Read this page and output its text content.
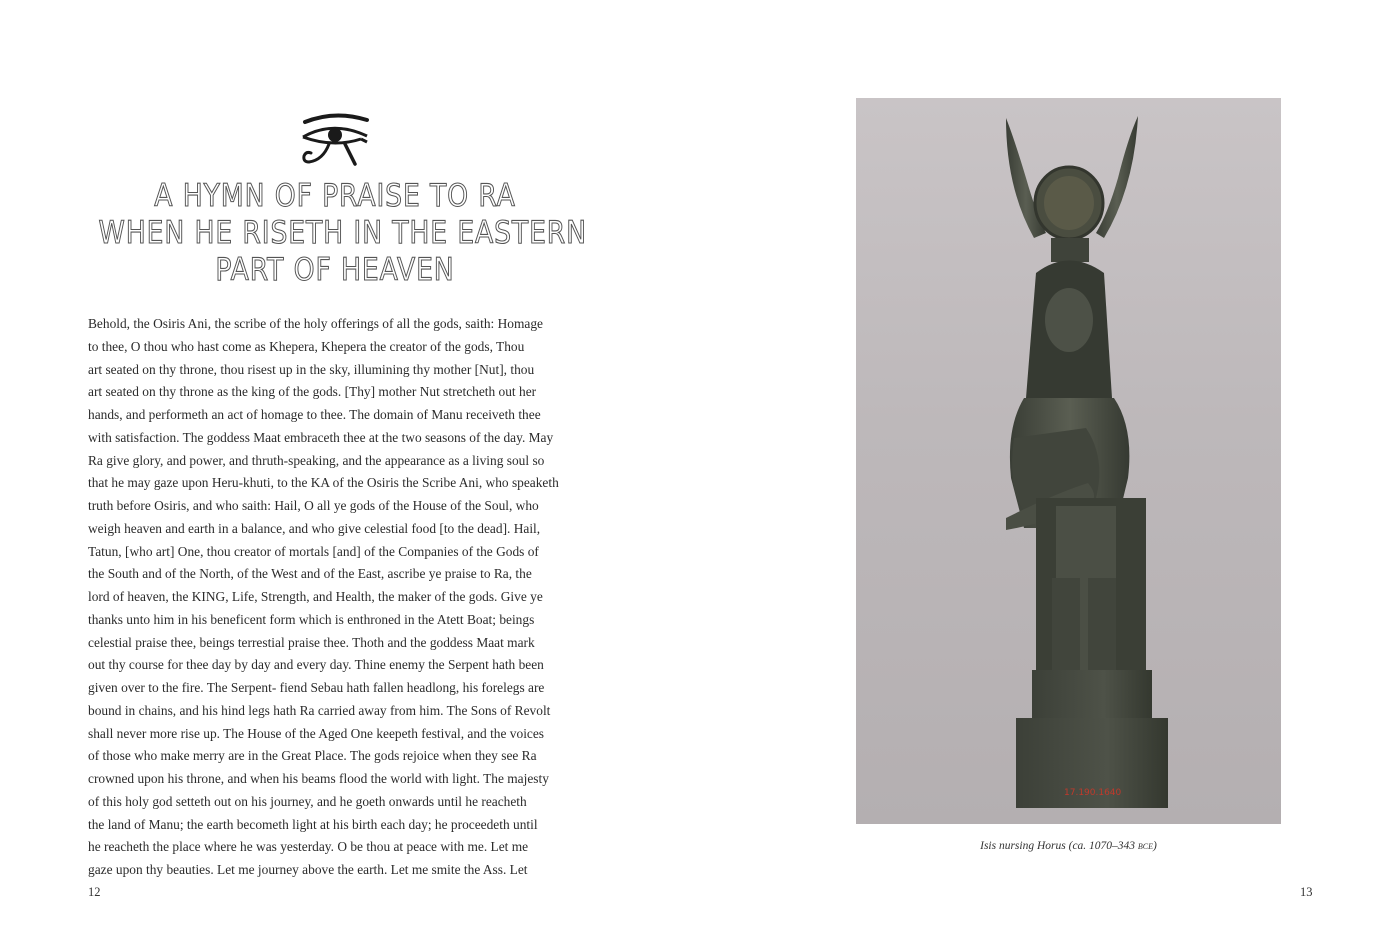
A HYMN OF PRAISE TO RA
WHEN HE RISETH IN THE EASTERN
PART OF HEAVEN
Behold, the Osiris Ani, the scribe of the holy offerings of all the gods, saith: Homage
to thee, O thou who hast come as Khepera, Khepera the creator of the gods, Thou
art seated on thy throne, thou risest up in the sky, illumining thy mother [Nut], thou
art seated on thy throne as the king of the gods. [Thy] mother Nut stretcheth out her
hands, and performeth an act of homage to thee. The domain of Manu receiveth thee
with satisfaction. The goddess Maat embraceth thee at the two seasons of the day. May
Ra give glory, and power, and thruth-speaking, and the appearance as a living soul so
that he may gaze upon Heru-khuti, to the KA of the Osiris the Scribe Ani, who speaketh
truth before Osiris, and who saith: Hail, O all ye gods of the House of the Soul, who
weigh heaven and earth in a balance, and who give celestial food [to the dead]. Hail,
Tatun, [who art] One, thou creator of mortals [and] of the Companies of the Gods of
the South and of the North, of the West and of the East, ascribe ye praise to Ra, the
lord of heaven, the KING, Life, Strength, and Health, the maker of the gods. Give ye
thanks unto him in his beneficent form which is enthroned in the Atett Boat; beings
celestial praise thee, beings terrestial praise thee. Thoth and the goddess Maat mark
out thy course for thee day by day and every day. Thine enemy the Serpent hath been
given over to the fire. The Serpent- fiend Sebau hath fallen headlong, his forelegs are
bound in chains, and his hind legs hath Ra carried away from him. The Sons of Revolt
shall never more rise up. The House of the Aged One keepeth festival, and the voices
of those who make merry are in the Great Place. The gods rejoice when they see Ra
crowned upon his throne, and when his beams flood the world with light. The majesty
of this holy god setteth out on his journey, and he goeth onwards until he reacheth
the land of Manu; the earth becometh light at his birth each day; he proceedeth until
he reacheth the place where he was yesterday. O be thou at peace with me. Let me
gaze upon thy beauties. Let me journey above the earth. Let me smite the Ass. Let
12
17.190.1640
Isis nursing Horus (ca. 1070–343 bce)
13
